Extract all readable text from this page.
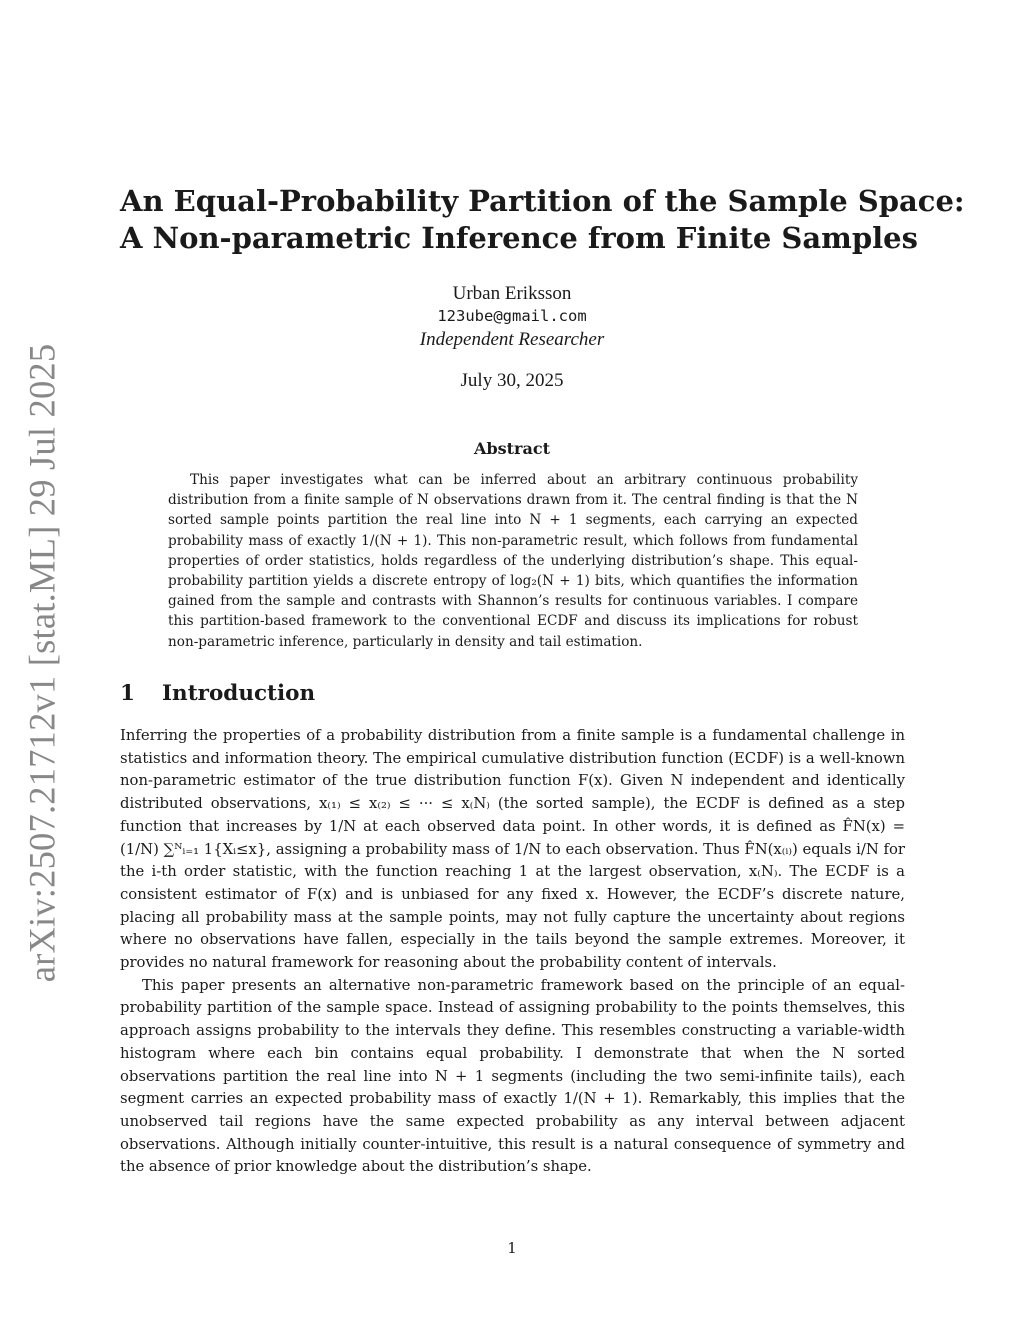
arXiv:2507.21712v1 [stat.ML] 29 Jul 2025
An Equal-Probability Partition of the Sample Space:
A Non-parametric Inference from Finite Samples
Urban Eriksson
123ube@gmail.com
Independent Researcher
July 30, 2025
Abstract

This paper investigates what can be inferred about an arbitrary continuous probability distribution from a finite sample of N observations drawn from it. The central finding is that the N sorted sample points partition the real line into N + 1 segments, each carrying an expected probability mass of exactly 1/(N + 1). This non-parametric result, which follows from fundamental properties of order statistics, holds regardless of the underlying distribution’s shape. This equal-probability partition yields a discrete entropy of log₂(N + 1) bits, which quantifies the information gained from the sample and contrasts with Shannon’s results for continuous variables. I compare this partition-based framework to the conventional ECDF and discuss its implications for robust non-parametric inference, particularly in density and tail estimation.

1 Introduction

Inferring the properties of a probability distribution from a finite sample is a fundamental challenge in statistics and information theory. The empirical cumulative distribution function (ECDF) is a well-known non-parametric estimator of the true distribution function F(x). Given N independent and identically distributed observations, x₍₁₎ ≤ x₍₂₎ ≤ ··· ≤ x₍N₎ (the sorted sample), the ECDF is defined as a step function that increases by 1/N at each observed data point. In other words, it is defined as F̂N(x) = (1/N) ∑ᴺᵢ₌₁ 1{Xᵢ≤x}, assigning a probability mass of 1/N to each observation. Thus F̂N(x₍ᵢ₎) equals i/N for the i-th order statistic, with the function reaching 1 at the largest observation, x₍N₎. The ECDF is a consistent estimator of F(x) and is unbiased for any fixed x. However, the ECDF’s discrete nature, placing all probability mass at the sample points, may not fully capture the uncertainty about regions where no observations have fallen, especially in the tails beyond the sample extremes. Moreover, it provides no natural framework for reasoning about the probability content of intervals.

This paper presents an alternative non-parametric framework based on the principle of an equal-probability partition of the sample space. Instead of assigning probability to the points themselves, this approach assigns probability to the intervals they define. This resembles constructing a variable-width histogram where each bin contains equal probability. I demonstrate that when the N sorted observations partition the real line into N + 1 segments (including the two semi-infinite tails), each segment carries an expected probability mass of exactly 1/(N + 1). Remarkably, this implies that the unobserved tail regions have the same expected probability as any interval between adjacent observations. Although initially counter-intuitive, this result is a natural consequence of symmetry and the absence of prior knowledge about the distribution’s shape.

1
